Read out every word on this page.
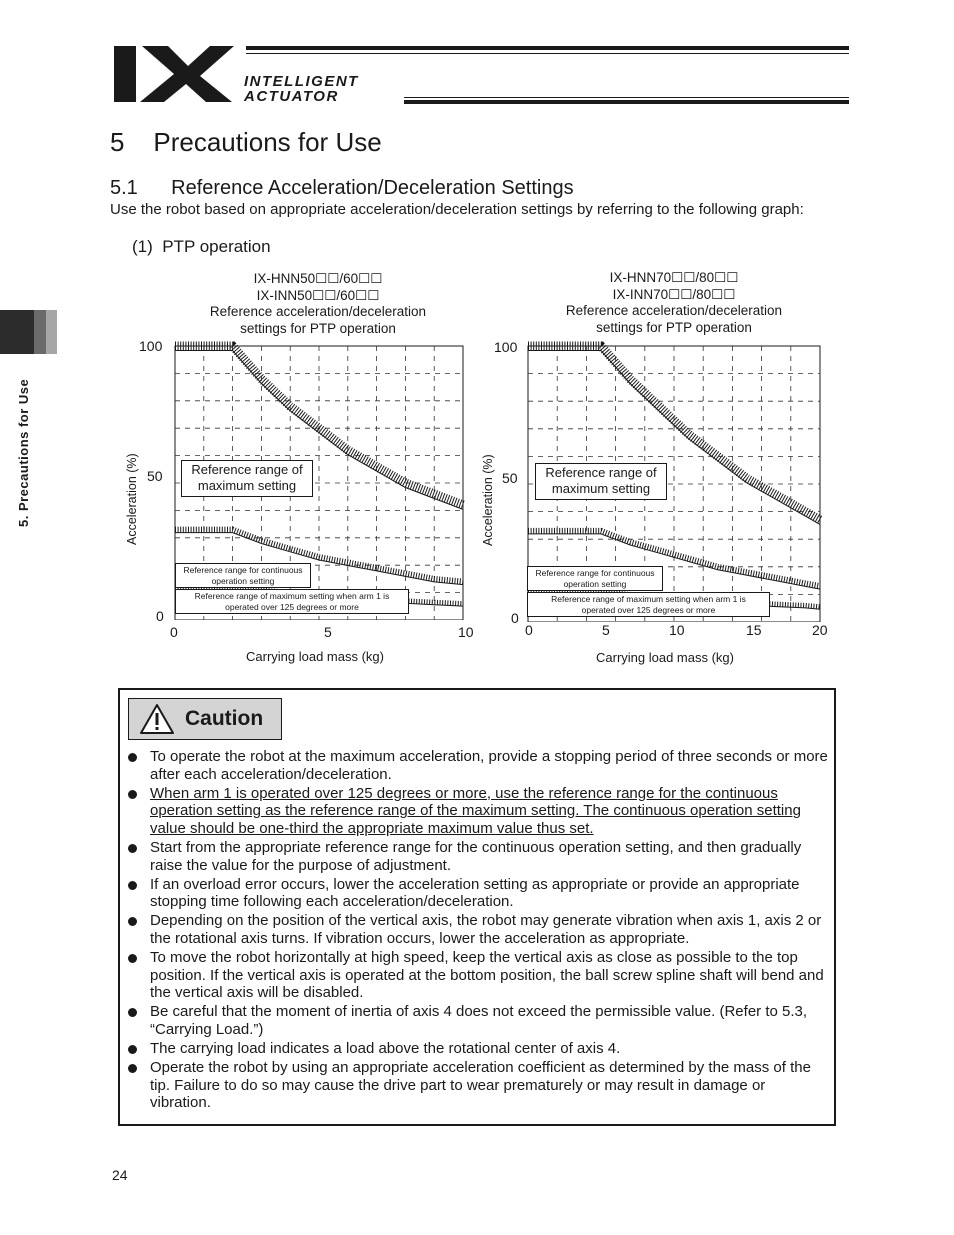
INTELLIGENT
ACTUATOR
5. Precautions for Use
5    Precautions for Use
5.1      Reference Acceleration/Deceleration Settings
Use the robot based on appropriate acceleration/deceleration settings by referring to the following graph:
(1)  PTP operation
IX-HNN50☐☐/60☐☐
IX-INN50☐☐/60☐☐
Reference acceleration/deceleration
settings for PTP operation
100
50
0
0	5	10
Acceleration (%)
Carrying load mass (kg)
Reference range of
maximum setting
Reference range for continuous
operation setting
Reference range of maximum setting when arm 1 is
operated over 125 degrees or more
IX-HNN70☐☐/80☐☐
IX-INN70☐☐/80☐☐
Reference acceleration/deceleration
settings for PTP operation
100
50
0
0	5	10	15	20
Acceleration (%)
Carrying load mass (kg)
Reference range of
maximum setting
Reference range for continuous
operation setting
Reference range of maximum setting when arm 1 is
operated over 125 degrees or more
Caution
To operate the robot at the maximum acceleration, provide a stopping period of three seconds or more after each acceleration/deceleration.
When arm 1 is operated over 125 degrees or more, use the reference range for the continuous operation setting as the reference range of the maximum setting. The continuous operation setting value should be one-third the appropriate maximum value thus set.
Start from the appropriate reference range for the continuous operation setting, and then gradually raise the value for the purpose of adjustment.
If an overload error occurs, lower the acceleration setting as appropriate or provide an appropriate stopping time following each acceleration/deceleration.
Depending on the position of the vertical axis, the robot may generate vibration when axis 1, axis 2 or the rotational axis turns. If vibration occurs, lower the acceleration as appropriate.
To move the robot horizontally at high speed, keep the vertical axis as close as possible to the top position. If the vertical axis is operated at the bottom position, the ball screw spline shaft will bend and the vertical axis will be disabled.
Be careful that the moment of inertia of axis 4 does not exceed the permissible value. (Refer to 5.3, “Carrying Load.”)
The carrying load indicates a load above the rotational center of axis 4.
Operate the robot by using an appropriate acceleration coefficient as determined by the mass of the tip. Failure to do so may cause the drive part to wear prematurely or may result in damage or vibration.
24
